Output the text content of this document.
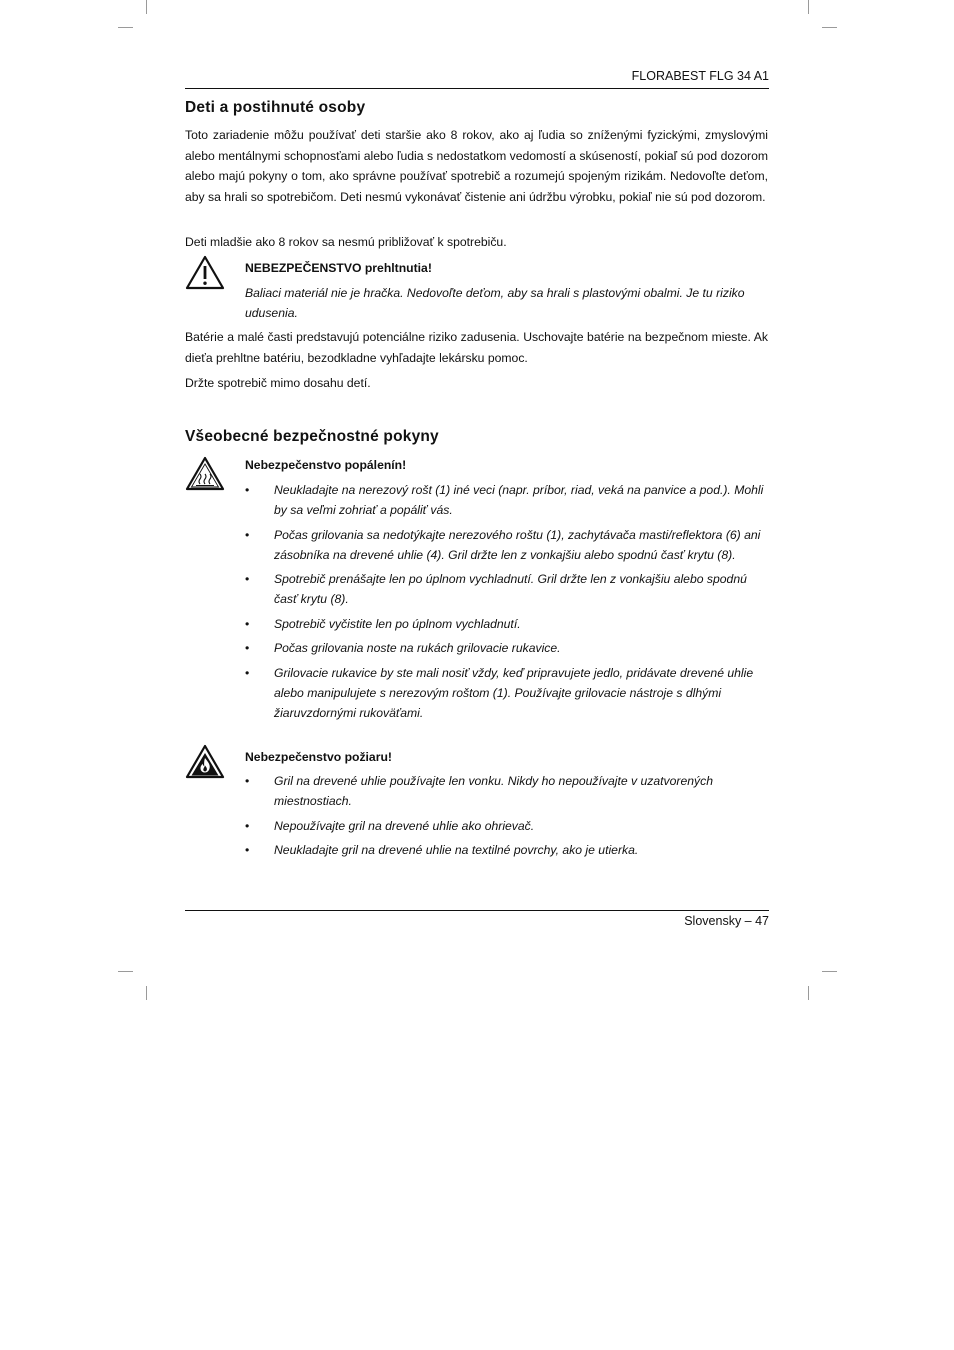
FLORABEST FLG 34 A1
Deti a postihnuté osoby

Toto zariadenie môžu používať deti staršie ako 8 rokov, ako aj ľudia so zníženými fyzickými, zmyslovými alebo mentálnymi schopnosťami alebo ľudia s nedostatkom vedomostí a skúseností, pokiaľ sú pod dozorom alebo majú pokyny o tom, ako správne používať spotrebič a rozumejú spojeným rizikám. Nedovoľte deťom, aby sa hrali so spotrebičom. Deti nesmú vykonávať čistenie ani údržbu výrobku, pokiaľ nie sú pod dozorom.

Deti mladšie ako 8 rokov sa nesmú približovať k spotrebiču.

NEBEZPEČENSTVO prehltnutia!

Baliaci materiál nie je hračka. Nedovoľte deťom, aby sa hrali s plastovými obalmi. Je tu riziko udusenia.

Batérie a malé časti predstavujú potenciálne riziko zadusenia. Uschovajte batérie na bezpečnom mieste. Ak dieťa prehltne batériu, bezodkladne vyhľadajte lekársku pomoc.

Držte spotrebič mimo dosahu detí.

Všeobecné bezpečnostné pokyny
Nebezpečenstvo popálenín!
• Neukladajte na nerezový rošt (1) iné veci (napr. príbor, riad, veká na panvice a pod.). Mohli by sa veľmi zohriať a popáliť vás.
• Počas grilovania sa nedotýkajte nerezového roštu (1), zachytávača masti/reflektora (6) ani zásobníka na drevené uhlie (4). Gril držte len z vonkajšiu alebo spodnú časť krytu (8).
• Spotrebič prenášajte len po úplnom vychladnutí. Gril držte len z vonkajšiu alebo spodnú časť krytu (8).
• Spotrebič vyčistite len po úplnom vychladnutí.
• Počas grilovania noste na rukách grilovacie rukavice.
• Grilovacie rukavice by ste mali nosiť vždy, keď pripravujete jedlo, pridávate drevené uhlie alebo manipulujete s nerezovým roštom (1). Používajte grilovacie nástroje s dlhými žiaruvzdornými rukoväťami.
Nebezpečenstvo požiaru!
• Gril na drevené uhlie používajte len vonku. Nikdy ho nepoužívajte v uzatvorených miestnostiach.
• Nepoužívajte gril na drevené uhlie ako ohrievač.
• Neukladajte gril na drevené uhlie na textilné povrchy, ako je utierka.
Slovensky – 47
